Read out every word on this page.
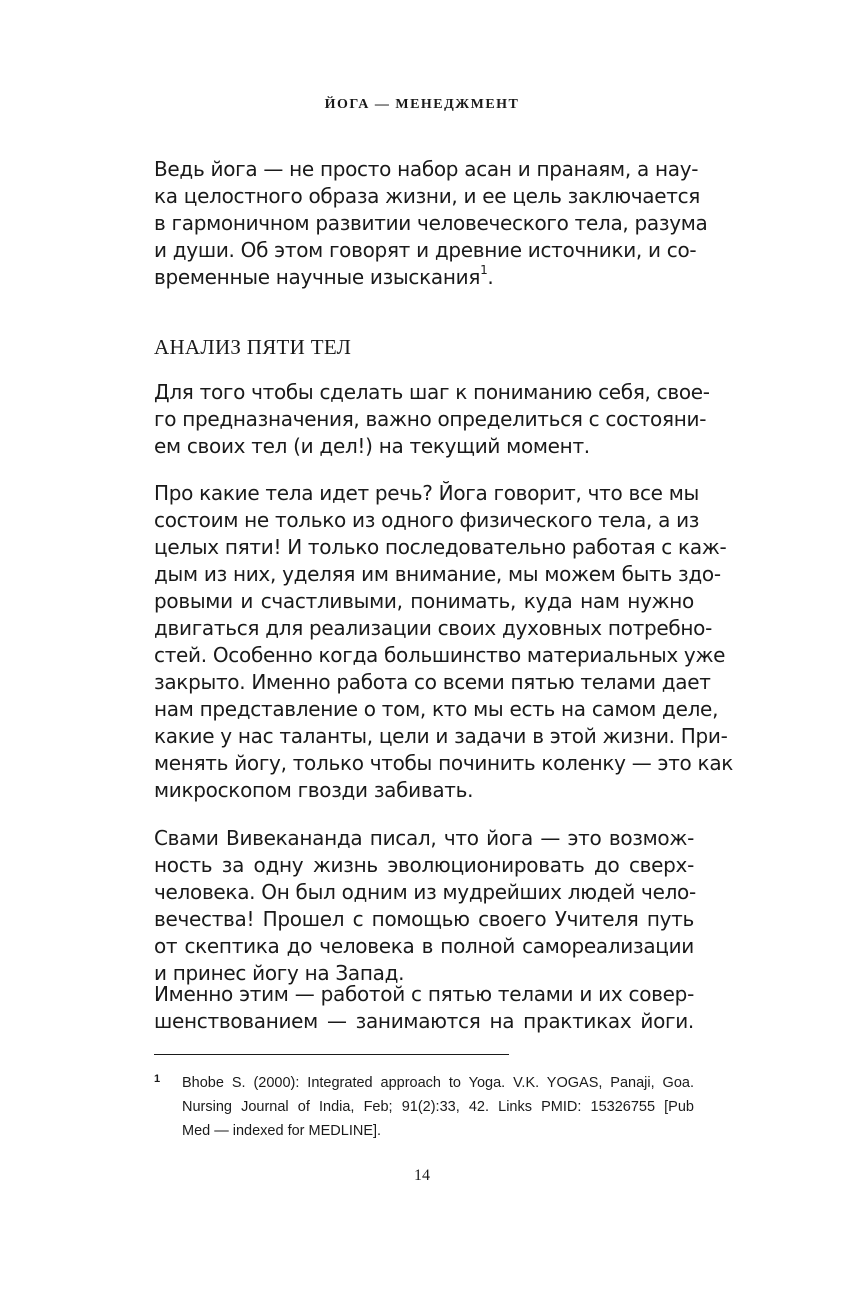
ЙОГА — МЕНЕДЖМЕНТ
Ведь йога — не просто набор асан и пранаям, а нау-
ка целостного образа жизни, и ее цель заключается
в гармоничном развитии человеческого тела, разума
и души. Об этом говорят и древние источники, и со-
временные научные изыскания$^1$.
АНАЛИЗ ПЯТИ ТЕЛ
Для того чтобы сделать шаг к пониманию себя, свое-
го предназначения, важно определиться с состояни-
ем своих тел (и дел!) на текущий момент.
Про какие тела идет речь? Йога говорит, что все мы
состоим не только из одного физического тела, а из
целых пяти! И только последовательно работая с каж-
дым из них, уделяя им внимание, мы можем быть здо-
ровыми и счастливыми, понимать, куда нам нужно
двигаться для реализации своих духовных потребно-
стей. Особенно когда большинство материальных уже
закрыто. Именно работа со всеми пятью телами дает
нам представление о том, кто мы есть на самом деле,
какие у нас таланты, цели и задачи в этой жизни. При-
менять йогу, только чтобы починить коленку — это как
микроскопом гвозди забивать.
Свами Вивекананда писал, что йога — это возмож-
ность за одну жизнь эволюционировать до сверх-
человека. Он был одним из мудрейших людей чело-
вечества! Прошел с помощью своего Учителя путь
от скептика до человека в полной самореализации
и принес йогу на Запад.
Именно этим — работой с пятью телами и их совер-
шенствованием — занимаются на практиках йоги.
1 Bhobe S. (2000): Integrated approach to Yoga. V.K. YOGAS, Panaji, Goa.
Nursing Journal of India, Feb; 91(2):33, 42. Links PMID: 15326755 [Pub
Med — indexed for MEDLINE].
14
